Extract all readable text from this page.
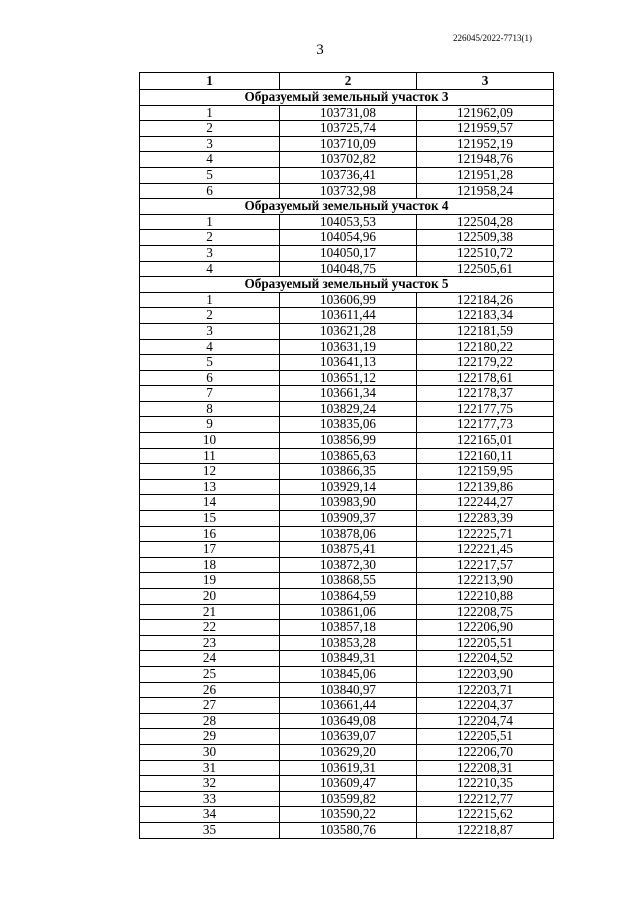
226045/2022-7713(1)
3
1	2	3
Образуемый земельный участок 3		
1	103731,08	121962,09
2	103725,74	121959,57
3	103710,09	121952,19
4	103702,82	121948,76
5	103736,41	121951,28
6	103732,98	121958,24
Образуемый земельный участок 4		
1	104053,53	122504,28
2	104054,96	122509,38
3	104050,17	122510,72
4	104048,75	122505,61
Образуемый земельный участок 5		
1	103606,99	122184,26
2	103611,44	122183,34
3	103621,28	122181,59
4	103631,19	122180,22
5	103641,13	122179,22
6	103651,12	122178,61
7	103661,34	122178,37
8	103829,24	122177,75
9	103835,06	122177,73
10	103856,99	122165,01
11	103865,63	122160,11
12	103866,35	122159,95
13	103929,14	122139,86
14	103983,90	122244,27
15	103909,37	122283,39
16	103878,06	122225,71
17	103875,41	122221,45
18	103872,30	122217,57
19	103868,55	122213,90
20	103864,59	122210,88
21	103861,06	122208,75
22	103857,18	122206,90
23	103853,28	122205,51
24	103849,31	122204,52
25	103845,06	122203,90
26	103840,97	122203,71
27	103661,44	122204,37
28	103649,08	122204,74
29	103639,07	122205,51
30	103629,20	122206,70
31	103619,31	122208,31
32	103609,47	122210,35
33	103599,82	122212,77
34	103590,22	122215,62
35	103580,76	122218,87
